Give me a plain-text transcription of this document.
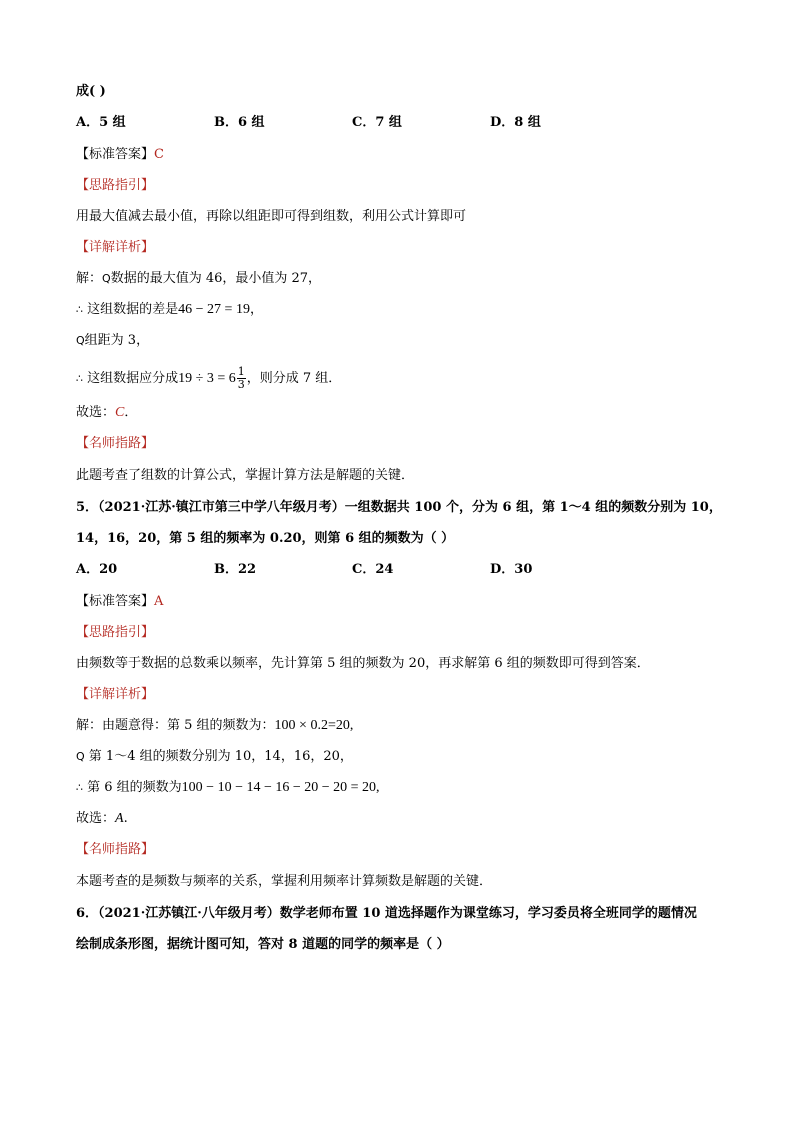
成( )
A．5 组	B．6 组	C．7 组	D．8 组
【标准答案】C
【思路指引】
用最大值减去最小值，再除以组距即可得到组数，利用公式计算即可
【详解详析】
解：Q数据的最大值为 46，最小值为 27，
∴ 这组数据的差是46 − 27 = 19，
Q组距为 3，
∴ 这组数据应分成$19 \div 3 = 6 \frac{1}{3}$ ，则分成 7 组．
故选：C．
【名师指路】
此题考查了组数的计算公式，掌握计算方法是解题的关键．
5．（2021·江苏·镇江市第三中学八年级月考）一组数据共 100 个，分为 6 组，第 1～4 组的频数分别为 10，
14，16，20，第 5 组的频率为 0.20，则第 6 组的频数为（ ）
A．20	B．22	C．24	D．30
【标准答案】A
【思路指引】
由频数等于数据的总数乘以频率，先计算第 5 组的频数为 20，再求解第 6 组的频数即可得到答案．
【详解详析】
解：由题意得：第 5 组的频数为：100 × 0.2=20,
Q 第 1～4 组的频数分别为 10，14，16，20，
∴ 第 6 组的频数为100 − 10 − 14 − 16 − 20 − 20 = 20,
故选：A.
【名师指路】
本题考查的是频数与频率的关系，掌握利用频率计算频数是解题的关键．
6．（2021·江苏镇江·八年级月考）数学老师布置 10 道选择题作为课堂练习，学习委员将全班同学的题情况
绘制成条形图，据统计图可知，答对 8 道题的同学的频率是（ ）
